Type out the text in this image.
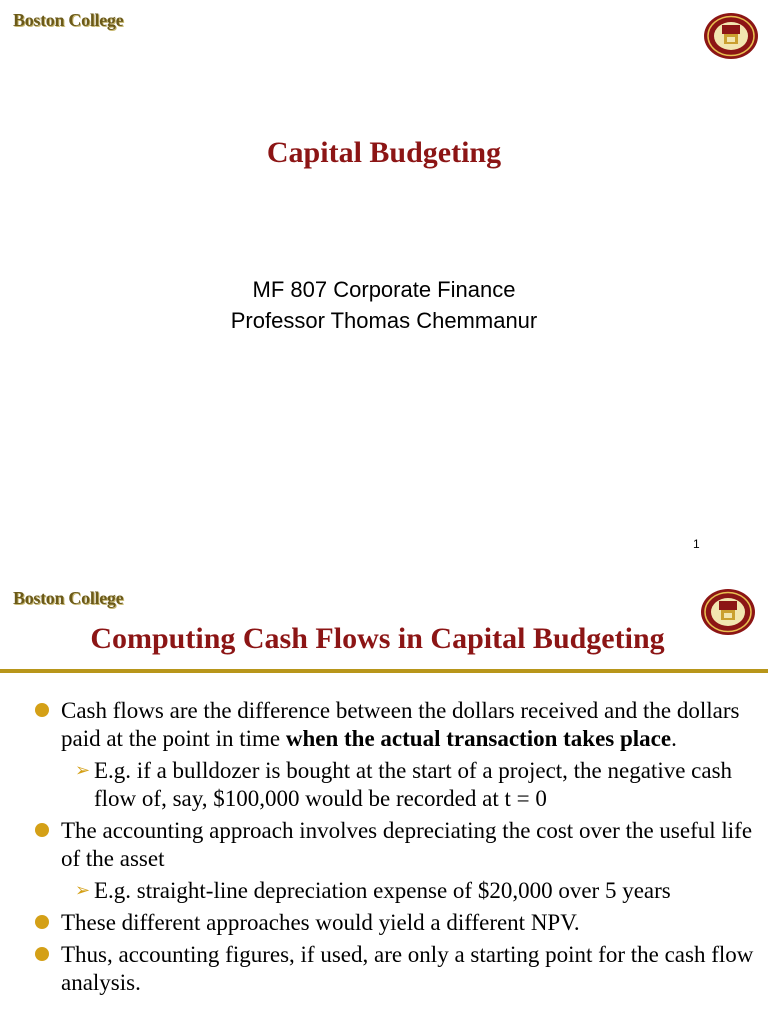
Boston College
Capital Budgeting
MF 807 Corporate Finance
Professor Thomas Chemmanur
1
Boston College
Computing Cash Flows in Capital Budgeting
Cash flows are the difference between the dollars received and the dollars paid at the point in time when the actual transaction takes place.
➢ E.g. if a bulldozer is bought at the start of a project, the negative cash flow of, say, $100,000 would be recorded at t = 0
The accounting approach involves depreciating the cost over the useful life of the asset
➢ E.g. straight-line depreciation expense of $20,000 over 5 years
These different approaches would yield a different NPV.
Thus, accounting figures, if used, are only a starting point for the cash flow analysis.
